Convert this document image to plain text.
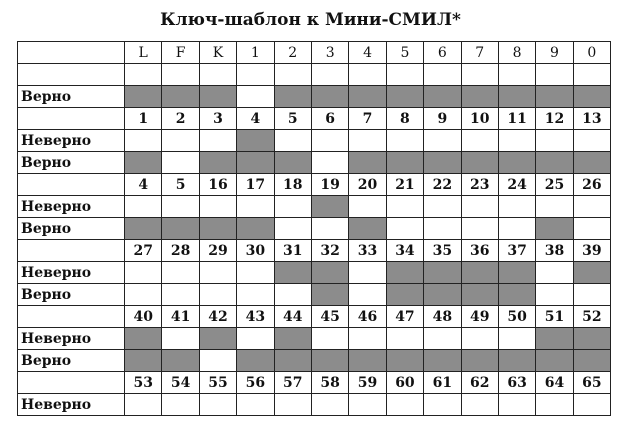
Ключ-шаблон к Мини-СМИЛ*
	L	F	K	1	2	3	4	5	6	7	8	9	0

Верно													
	1	2	3	4	5	6	7	8	9	10	11	12	13
Неверно													
Верно													
	4	5	16	17	18	19	20	21	22	23	24	25	26
Неверно													
Верно													
	27	28	29	30	31	32	33	34	35	36	37	38	39
Неверно													
Верно													
	40	41	42	43	44	45	46	47	48	49	50	51	52
Неверно													
Верно													
	53	54	55	56	57	58	59	60	61	62	63	64	65
Неверно													
